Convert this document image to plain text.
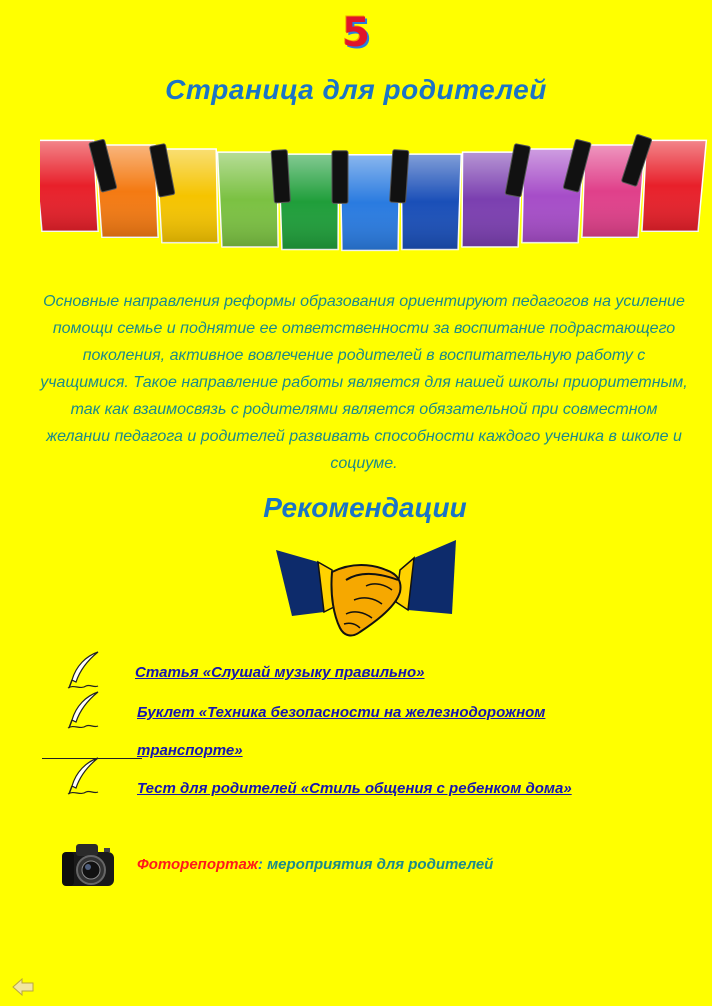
5
Страница для родителей
Основные направления реформы образования ориентируют педагогов на усиление помощи семье и поднятие ее ответственности за воспитание подрастающего поколения, активное вовлечение родителей в воспитательную работу с учащимися. Такое направление работы является для нашей школы приоритетным, так как взаимосвязь с родителями является обязательной при совместном желании педагога и родителей развивать способности каждого ученика в школе и социуме.
Рекомендации
Статья «Слушай музыку правильно»
Буклет «Техника безопасности на железнодорожном
транспорте»
Тест для родителей «Стиль общения с ребенком дома»
Фоторепортаж: мероприятия для родителей
